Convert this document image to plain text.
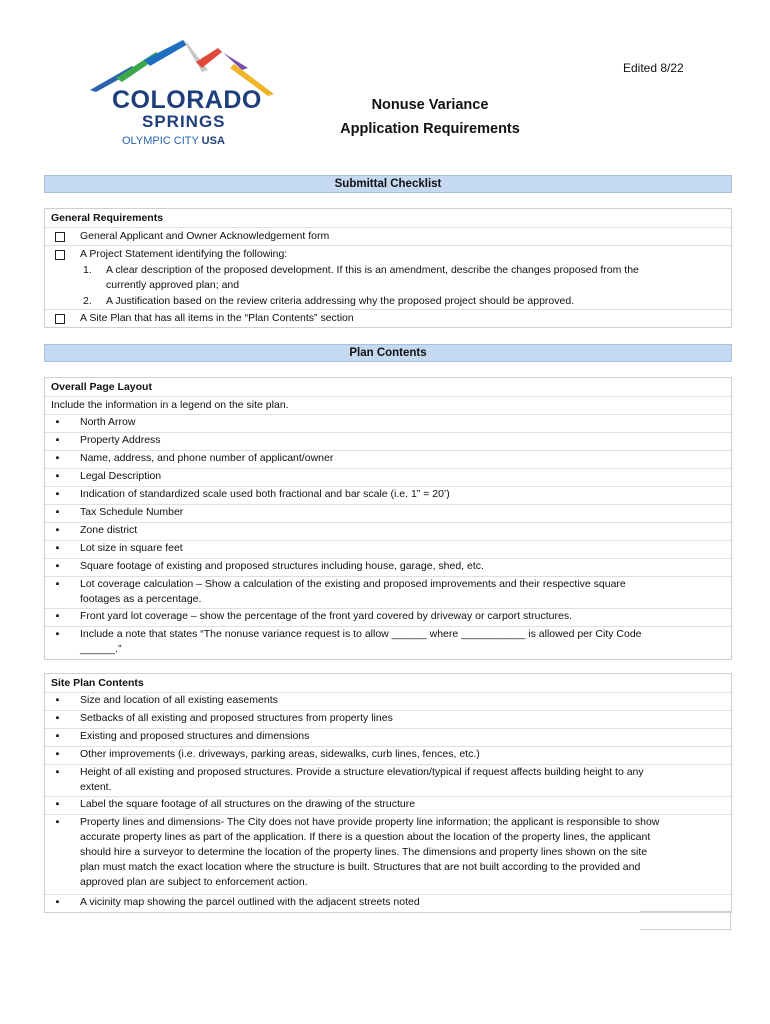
COLORADO
SPRINGS
OLYMPIC CITY USA
Edited 8/22
Nonuse Variance
Application Requirements
Submittal Checklist
General Requirements
General Applicant and Owner Acknowledgement form
A Project Statement identifying the following:
1. A clear description of the proposed development. If this is an amendment, describe the changes proposed from the
currently approved plan; and
2. A Justification based on the review criteria addressing why the proposed project should be approved.
A Site Plan that has all items in the “Plan Contents” section
Plan Contents
Overall Page Layout
Include the information in a legend on the site plan.
▪ North Arrow
▪ Property Address
▪ Name, address, and phone number of applicant/owner
▪ Legal Description
▪ Indication of standardized scale used both fractional and bar scale (i.e. 1” = 20’)
▪ Tax Schedule Number
▪ Zone district
▪ Lot size in square feet
▪ Square footage of existing and proposed structures including house, garage, shed, etc.
▪ Lot coverage calculation – Show a calculation of the existing and proposed improvements and their respective square
footages as a percentage.
▪ Front yard lot coverage – show the percentage of the front yard covered by driveway or carport structures.
▪ Include a note that states “The nonuse variance request is to allow ______ where ___________ is allowed per City Code
______.”
Site Plan Contents
▪ Size and location of all existing easements
▪ Setbacks of all existing and proposed structures from property lines
▪ Existing and proposed structures and dimensions
▪ Other improvements (i.e. driveways, parking areas, sidewalks, curb lines, fences, etc.)
▪ Height of all existing and proposed structures. Provide a structure elevation/typical if request affects building height to any
extent.
▪ Label the square footage of all structures on the drawing of the structure
▪ Property lines and dimensions- The City does not have provide property line information; the applicant is responsible to show
accurate property lines as part of the application. If there is a question about the location of the property lines, the applicant
should hire a surveyor to determine the location of the property lines. The dimensions and property lines shown on the site
plan must match the exact location where the structure is built. Structures that are not built according to the provided and
approved plan are subject to enforcement action.
▪ A vicinity map showing the parcel outlined with the adjacent streets noted
